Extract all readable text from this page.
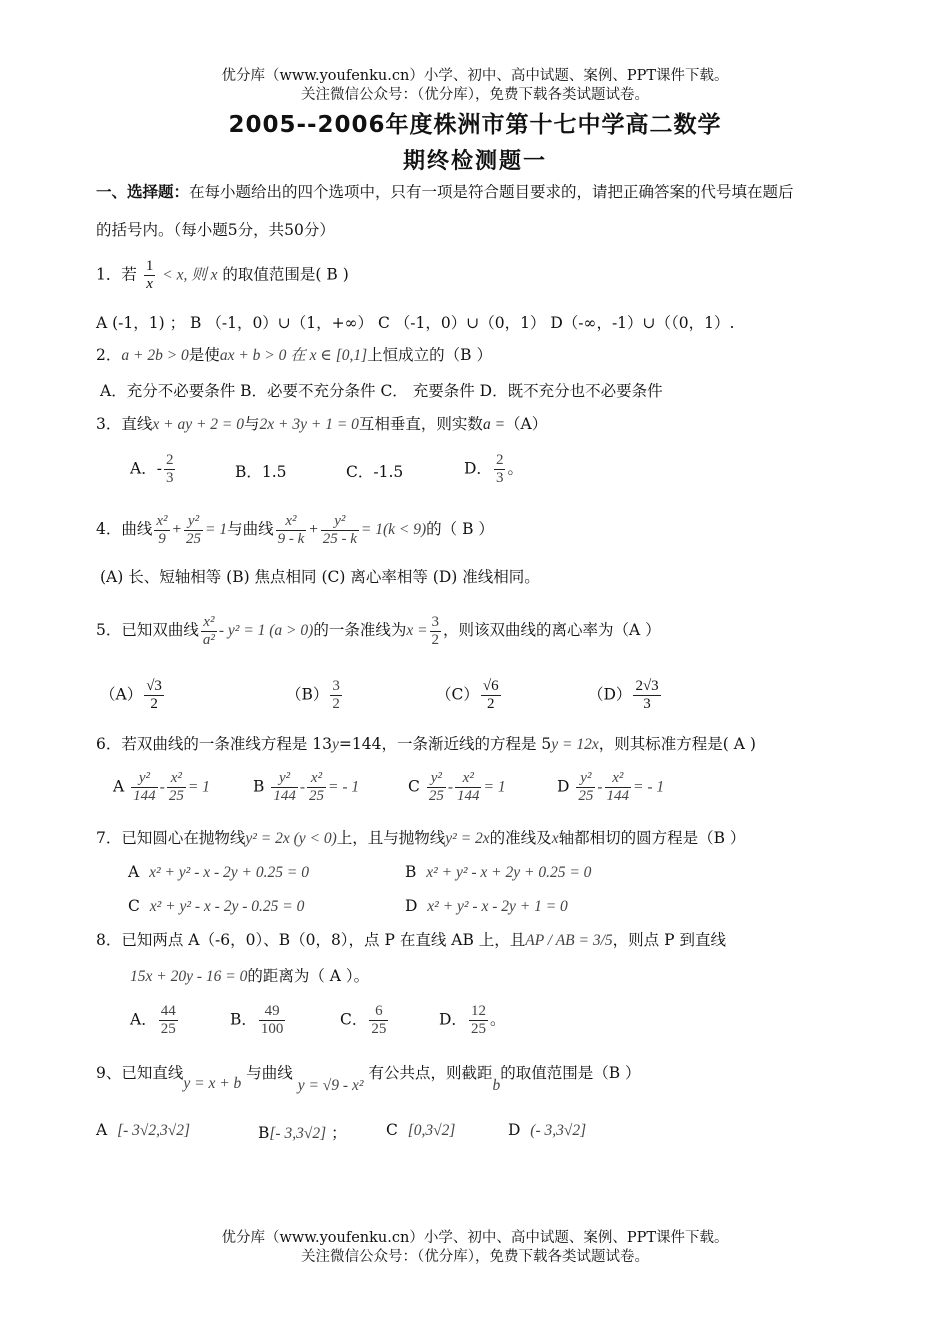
优分库（www.youfenku.cn）小学、初中、高中试题、案例、PPT课件下载。
关注微信公众号：（优分库），免费下载各类试题试卷。
2005--2006年度株洲市第十七中学高二数学
期终检测题一
一、选择题：在每小题给出的四个选项中，只有一项是符合题目要求的，请把正确答案的代号填在题后
的括号内。（每小题5分，共50分）
1．若 $\frac{1}{x} < x$, 则 x 的取值范围是( B )
A (-1，1) ； B （-1，0）∪（1，+∞） C （-1，0）∪（0，1） D（-∞，-1）∪（（0，1）.
2．a + 2b > 0是使ax + b > 0 在 x ∈ [0,1]上恒成立的（B ）
A．充分不必要条件 B．必要不充分条件 C． 充要条件 D．既不充分也不必要条件
3．直线x + ay + 2 = 0与2x + 3y + 1 = 0互相垂直，则实数a =（A）
A．- $\frac{2}{3}$	B．1.5	C．-1.5	D． $\frac{2}{3}$ 。
4．曲线 $\frac{\text{x²}}{9} + \frac{\text{y²}}{25} = 1$与曲线 $\frac{\text{x²}}{9 - k} + \frac{\text{y²}}{25 - k} = 1(k < 9)$的（ B ）
(A) 长、短轴相等 (B) 焦点相同 (C) 离心率相等 (D) 准线相同。
5．已知双曲线 $\frac{\text{x²}}{\text{a²}} - y^2 = 1$ (a > 0)的一条准线为$x = \frac{3}{2}$ ，则该双曲线的离心率为（A ）
$(A) \frac{√3}{2}$	$(B) \frac{3}{2}$	$(C) \frac{√6}{2}$	$(D) \frac{2√3}{3}$
6．若双曲线的一条准线方程是 13y=144，一条渐近线的方程是 5y = 12x，则其标准方程是( A )
A $\frac{\text{y²}}{144} - \frac{\text{x²}}{25} = 1$	B $\frac{\text{y²}}{144} - \frac{\text{x²}}{25}$ = - 1	C $\frac{\text{y²}}{25} - \frac{\text{x²}}{144} = 1$	D $\frac{\text{y²}}{25} - \frac{\text{x²}}{144}$ = - 1
7．已知圆心在抛物线y² = 2x (y < 0)上，且与抛物线y² = 2x的准线及x轴都相切的圆方程是（B ）
A x² + y² - x - 2y + 0.25 = 0	B x² + y² - x + 2y + 0.25 = 0
C x² + y² - x - 2y - 0.25 = 0	D x² + y² - x - 2y + 1 = 0
8．已知两点 A（-6，0）、B（0，8），点 P 在直线 AB 上，且AP / AB = 3/5，则点 P 到直线
15x + 20y - 16 = 0的距离为（ A ）。
A． $\frac{44}{25}$	B． $\frac{49}{100}$	C． $\frac{6}{25}$	D． $\frac{12}{25}$ 。
9、已知直线y = x + b 与曲线 y = √9 - x² 有公共点，则截距b的取值范围是（B ）
A [- 3√2,3√2]	B[- 3,3√2] ；	C [0,3√2]	D (- 3,3√2]
优分库（www.youfenku.cn）小学、初中、高中试题、案例、PPT课件下载。
关注微信公众号：（优分库），免费下载各类试题试卷。
